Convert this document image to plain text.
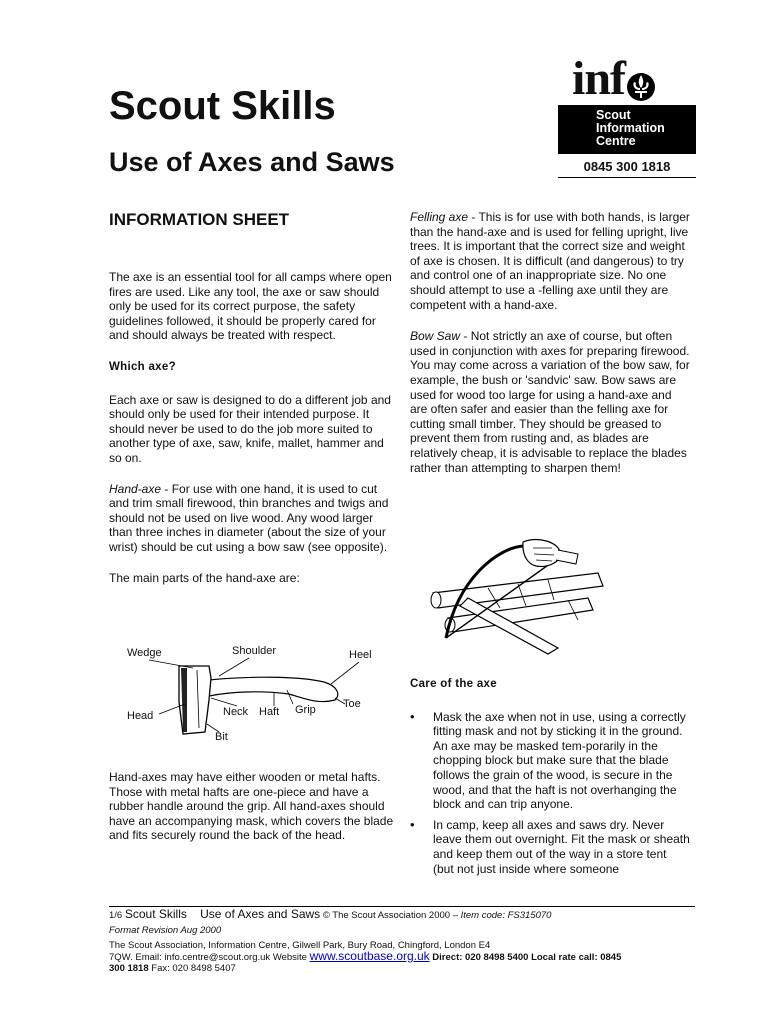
Scout Skills
Use of Axes and Saws
inf
Scout
Information
Centre
0845 300 1818
INFORMATION SHEET

The axe is an essential tool for all camps where open fires are used. Like any tool, the axe or saw should only be used for its correct purpose, the safety guidelines followed, it should be properly cared for and should always be treated with respect.

Which axe?

Each axe or saw is designed to do a different job and should only be used for their intended purpose. It should never be used to do the job more suited to another type of axe, saw, knife, mallet, hammer and so on.

Hand-axe - For use with one hand, it is used to cut and trim small firewood, thin branches and twigs and should not be used on live wood. Any wood larger than three inches in diameter (about the size of your wrist) should be cut using a bow saw (see opposite).

The main parts of the hand-axe are:

Wedge	Shoulder	Heel
Toe
Head	Neck Haft Grip
Bit

Hand-axes may have either wooden or metal hafts. Those with metal hafts are one-piece and have a rubber handle around the grip. All hand-axes should have an accompanying mask, which covers the blade and fits securely round the back of the head.

Felling axe - This is for use with both hands, is larger than the hand-axe and is used for felling upright, live trees. It is important that the correct size and weight of axe is chosen. It is difficult (and dangerous) to try and control one of an inappropriate size. No one should attempt to use a -felling axe until they are competent with a hand-axe.

Bow Saw - Not strictly an axe of course, but often used in conjunction with axes for preparing firewood. You may come across a variation of the bow saw, for example, the bush or 'sandvic' saw. Bow saws are used for wood too large for using a hand-axe and are often safer and easier than the felling axe for cutting small timber. They should be greased to prevent them from rusting and, as blades are relatively cheap, it is advisable to replace the blades rather than attempting to sharpen them!

Care of the axe

• Mask the axe when not in use, using a correctly fitting mask and not by sticking it in the ground. An axe may be masked tem-porarily in the chopping block but make sure that the blade follows the grain of the wood, is secure in the wood, and that the haft is not overhanging the block and can trip anyone.
• In camp, keep all axes and saws dry. Never leave them out overnight. Fit the mask or sheath and keep them out of the way in a store tent (but not just inside where someone
1/6 Scout Skills Use of Axes and Saws © The Scout Association 2000 – Item code: FS315070
Format Revision Aug 2000
The Scout Association, Information Centre, Gilwell Park, Bury Road, Chingford, London E4
7QW. Email: info.centre@scout.org.uk Website www.scoutbase.org.uk Direct: 020 8498 5400 Local rate call: 0845
300 1818 Fax: 020 8498 5407
